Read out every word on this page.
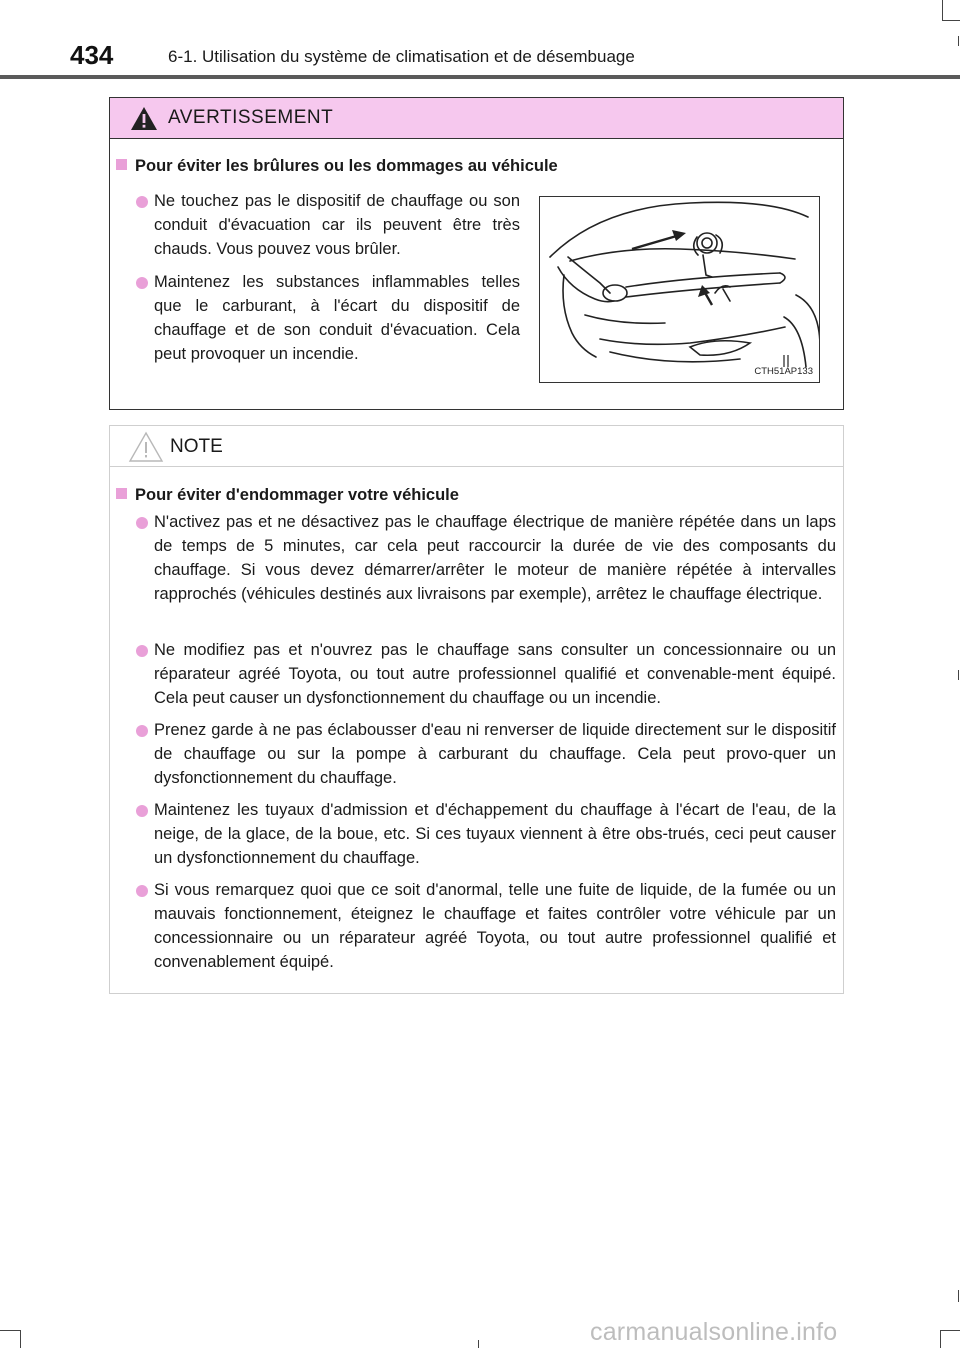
434	6-1. Utilisation du système de climatisation et de désembuage
AVERTISSEMENT
Pour éviter les brûlures ou les dommages au véhicule
Ne touchez pas le dispositif de chauffage ou son conduit d'évacuation car ils peuvent être très chauds. Vous pouvez vous brûler.
Maintenez les substances inflammables telles que le carburant, à l'écart du dispositif de chauffage et de son conduit d'évacuation. Cela peut provoquer un incendie.
CTH51AP133
NOTE
Pour éviter d'endommager votre véhicule
N'activez pas et ne désactivez pas le chauffage électrique de manière répétée dans un laps de temps de 5 minutes, car cela peut raccourcir la durée de vie des composants du chauffage. Si vous devez démarrer/arrêter le moteur de manière répétée à intervalles rapprochés (véhicules destinés aux livraisons par exemple), arrêtez le chauffage électrique.
Ne modifiez pas et n'ouvrez pas le chauffage sans consulter un concessionnaire ou un réparateur agréé Toyota, ou tout autre professionnel qualifié et convenable-ment équipé. Cela peut causer un dysfonctionnement du chauffage ou un incendie.
Prenez garde à ne pas éclabousser d'eau ni renverser de liquide directement sur le dispositif de chauffage ou sur la pompe à carburant du chauffage. Cela peut provo-quer un dysfonctionnement du chauffage.
Maintenez les tuyaux d'admission et d'échappement du chauffage à l'écart de l'eau, de la neige, de la glace, de la boue, etc. Si ces tuyaux viennent à être obs-trués, ceci peut causer un dysfonctionnement du chauffage.
Si vous remarquez quoi que ce soit d'anormal, telle une fuite de liquide, de la fumée ou un mauvais fonctionnement, éteignez le chauffage et faites contrôler votre véhicule par un concessionnaire ou un réparateur agréé Toyota, ou tout autre professionnel qualifié et convenablement équipé.
carmanualsonline.info
